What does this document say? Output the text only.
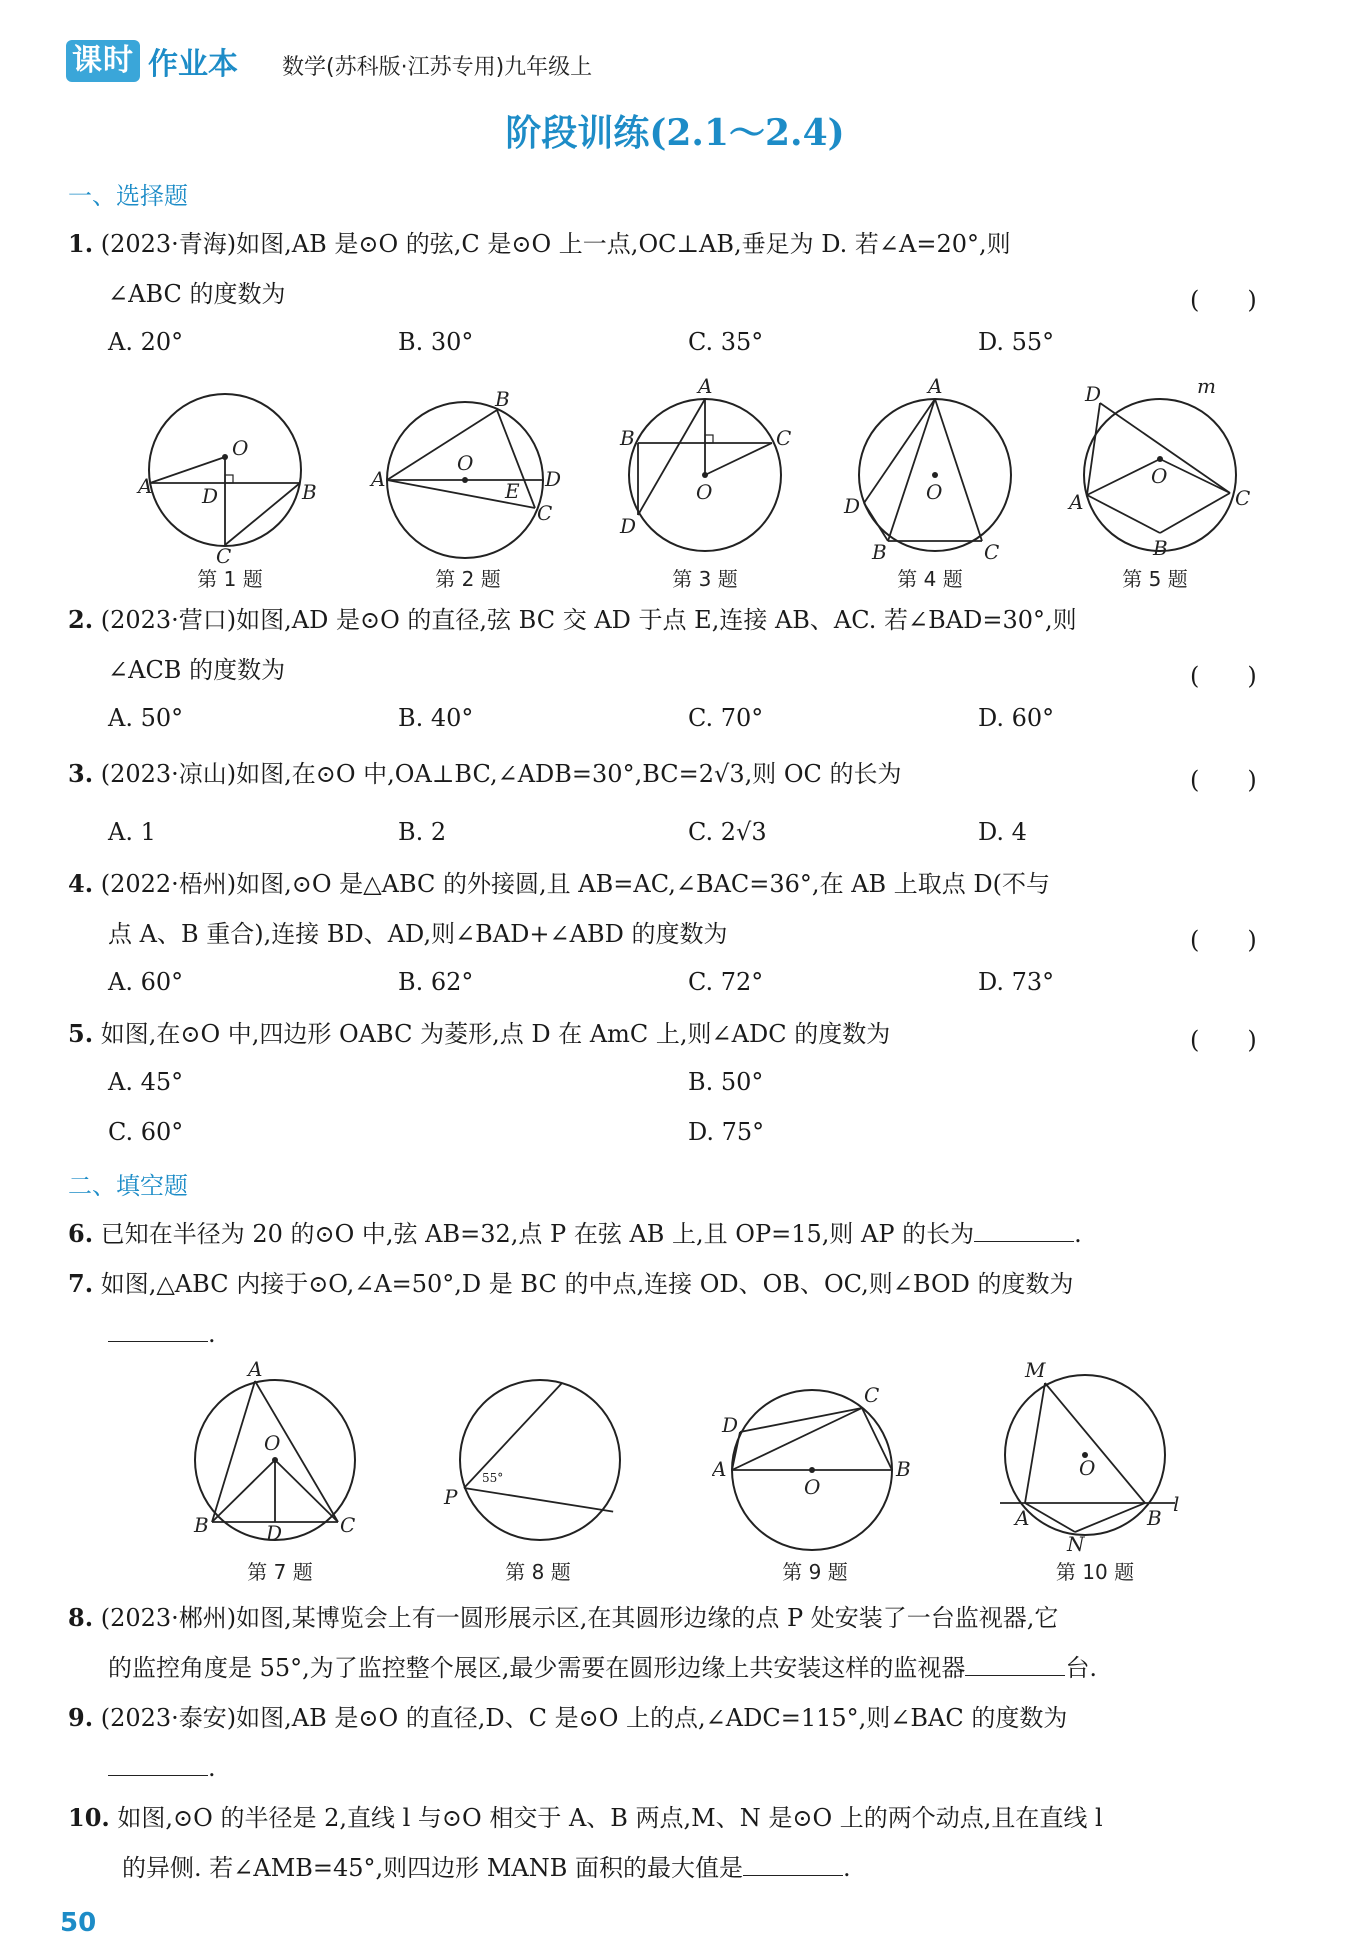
课时 作业本 数学(苏科版·江苏专用)九年级上
阶段训练(2.1～2.4)
一、选择题
1. (2023·青海)如图,AB 是⊙O 的弦,C 是⊙O 上一点,OC⊥AB,垂足为 D. 若∠A=20°,则
∠ABC 的度数为	(　　)
A. 20°	B. 30°	C. 35°	D. 55°
O
A D	B
C
B
A
O
E D
C
A
B	C
O
D
A
D
O
B	C
D	m
A
O
C
B
第 1 题	第 2 题	第 3 题	第 4 题	第 5 题
2. (2023·营口)如图,AD 是⊙O 的直径,弦 BC 交 AD 于点 E,连接 AB、AC. 若∠BAD=30°,则
∠ACB 的度数为	(　　)
A. 50°	B. 40°	C. 70°	D. 60°
3. (2023·凉山)如图,在⊙O 中,OA⊥BC,∠ADB=30°,BC=2√3,则 OC 的长为	(　　)
A. 1	B. 2	C. 2√3	D. 4
4. (2022·梧州)如图,⊙O 是△ABC 的外接圆,且 AB=AC,∠BAC=36°,在 AB 上取点 D(不与
点 A、B 重合),连接 BD、AD,则∠BAD+∠ABD 的度数为	(　　)
A. 60°	B. 62°	C. 72°	D. 73°
5. 如图,在⊙O 中,四边形 OABC 为菱形,点 D 在 AmC 上,则∠ADC 的度数为	(　　)
A. 45°	B. 50°
C. 60°	D. 75°
二、填空题
6. 已知在半径为 20 的⊙O 中,弦 AB=32,点 P 在弦 AB 上,且 OP=15,则 AP 的长为	.
7. 如图,△ABC 内接于⊙O,∠A=50°,D 是 BC 的中点,连接 OD、OB、OC,则∠BOD 的度数为
.
A
O
B	D	C
P
55°
D
C
A
O
B
M
O
A	B
l
N
第 7 题	第 8 题	第 9 题	第 10 题
8. (2023·郴州)如图,某博览会上有一圆形展示区,在其圆形边缘的点 P 处安装了一台监视器,它
的监控角度是 55°,为了监控整个展区,最少需要在圆形边缘上共安装这样的监视器	台.
9. (2023·泰安)如图,AB 是⊙O 的直径,D、C 是⊙O 上的点,∠ADC=115°,则∠BAC 的度数为
.
10. 如图,⊙O 的半径是 2,直线 l 与⊙O 相交于 A、B 两点,M、N 是⊙O 上的两个动点,且在直线 l
的异侧. 若∠AMB=45°,则四边形 MANB 面积的最大值是	.
50
